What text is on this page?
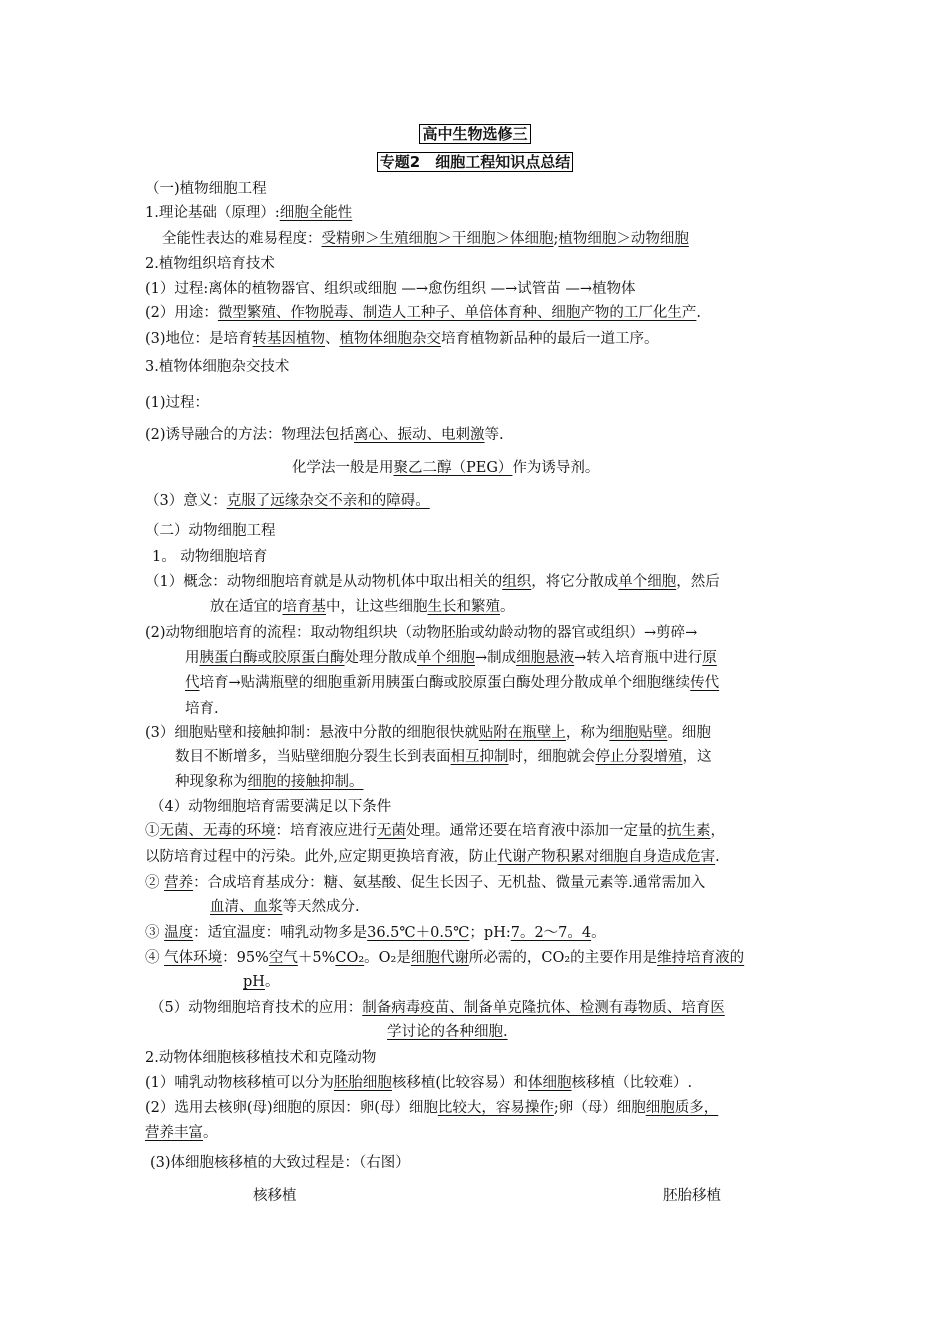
高中生物选修三
专题2　细胞工程知识点总结
（一)植物细胞工程
1.理论基础（原理）:细胞全能性
全能性表达的难易程度：受精卵＞生殖细胞＞干细胞＞体细胞;植物细胞＞动物细胞
2.植物组织培育技术
(1）过程:离体的植物器官、组织或细胞 —→愈伤组织 —→试管苗 —→植物体
(2）用途：微型繁殖、作物脱毒、制造人工种子、单倍体育种、细胞产物的工厂化生产.
(3)地位：是培育转基因植物、植物体细胞杂交培育植物新品种的最后一道工序。
3.植物体细胞杂交技术
(1)过程：
(2)诱导融合的方法：物理法包括离心、振动、电刺激等.
化学法一般是用聚乙二醇（PEG）作为诱导剂。
（3）意义：克服了远缘杂交不亲和的障碍。
（二）动物细胞工程
1。 动物细胞培育
（1）概念：动物细胞培育就是从动物机体中取出相关的组织，将它分散成单个细胞，然后
放在适宜的培育基中，让这些细胞生长和繁殖。
(2)动物细胞培育的流程：取动物组织块（动物胚胎或幼龄动物的器官或组织）→剪碎→
用胰蛋白酶或胶原蛋白酶处理分散成单个细胞→制成细胞悬液→转入培育瓶中进行原
代培育→贴满瓶壁的细胞重新用胰蛋白酶或胶原蛋白酶处理分散成单个细胞继续传代
培育.
(3）细胞贴壁和接触抑制：悬液中分散的细胞很快就贴附在瓶壁上，称为细胞贴壁。细胞
数目不断增多，当贴壁细胞分裂生长到表面相互抑制时，细胞就会停止分裂增殖，这
种现象称为细胞的接触抑制。
（4）动物细胞培育需要满足以下条件
①无菌、无毒的环境：培育液应进行无菌处理。通常还要在培育液中添加一定量的抗生素，
以防培育过程中的污染。此外,应定期更换培育液，防止代谢产物积累对细胞自身造成危害.
② 营养：合成培育基成分：糖、氨基酸、促生长因子、无机盐、微量元素等.通常需加入
血清、血浆等天然成分.
③ 温度：适宜温度：哺乳动物多是36.5℃＋0.5℃；pH:7。2～7。4。
④ 气体环境：95%空气＋5%CO₂。O₂是细胞代谢所必需的，CO₂的主要作用是维持培育液的
pH。
（5）动物细胞培育技术的应用：制备病毒疫苗、制备单克隆抗体、检测有毒物质、培育医
学讨论的各种细胞.
2.动物体细胞核移植技术和克隆动物
(1）哺乳动物核移植可以分为胚胎细胞核移植(比较容易）和体细胞核移植（比较难）.
(2）选用去核卵(母)细胞的原因：卵(母）细胞比较大，容易操作;卵（母）细胞细胞质多，
营养丰富。
(3)体细胞核移植的大致过程是：（右图）
核移植	胚胎移植
